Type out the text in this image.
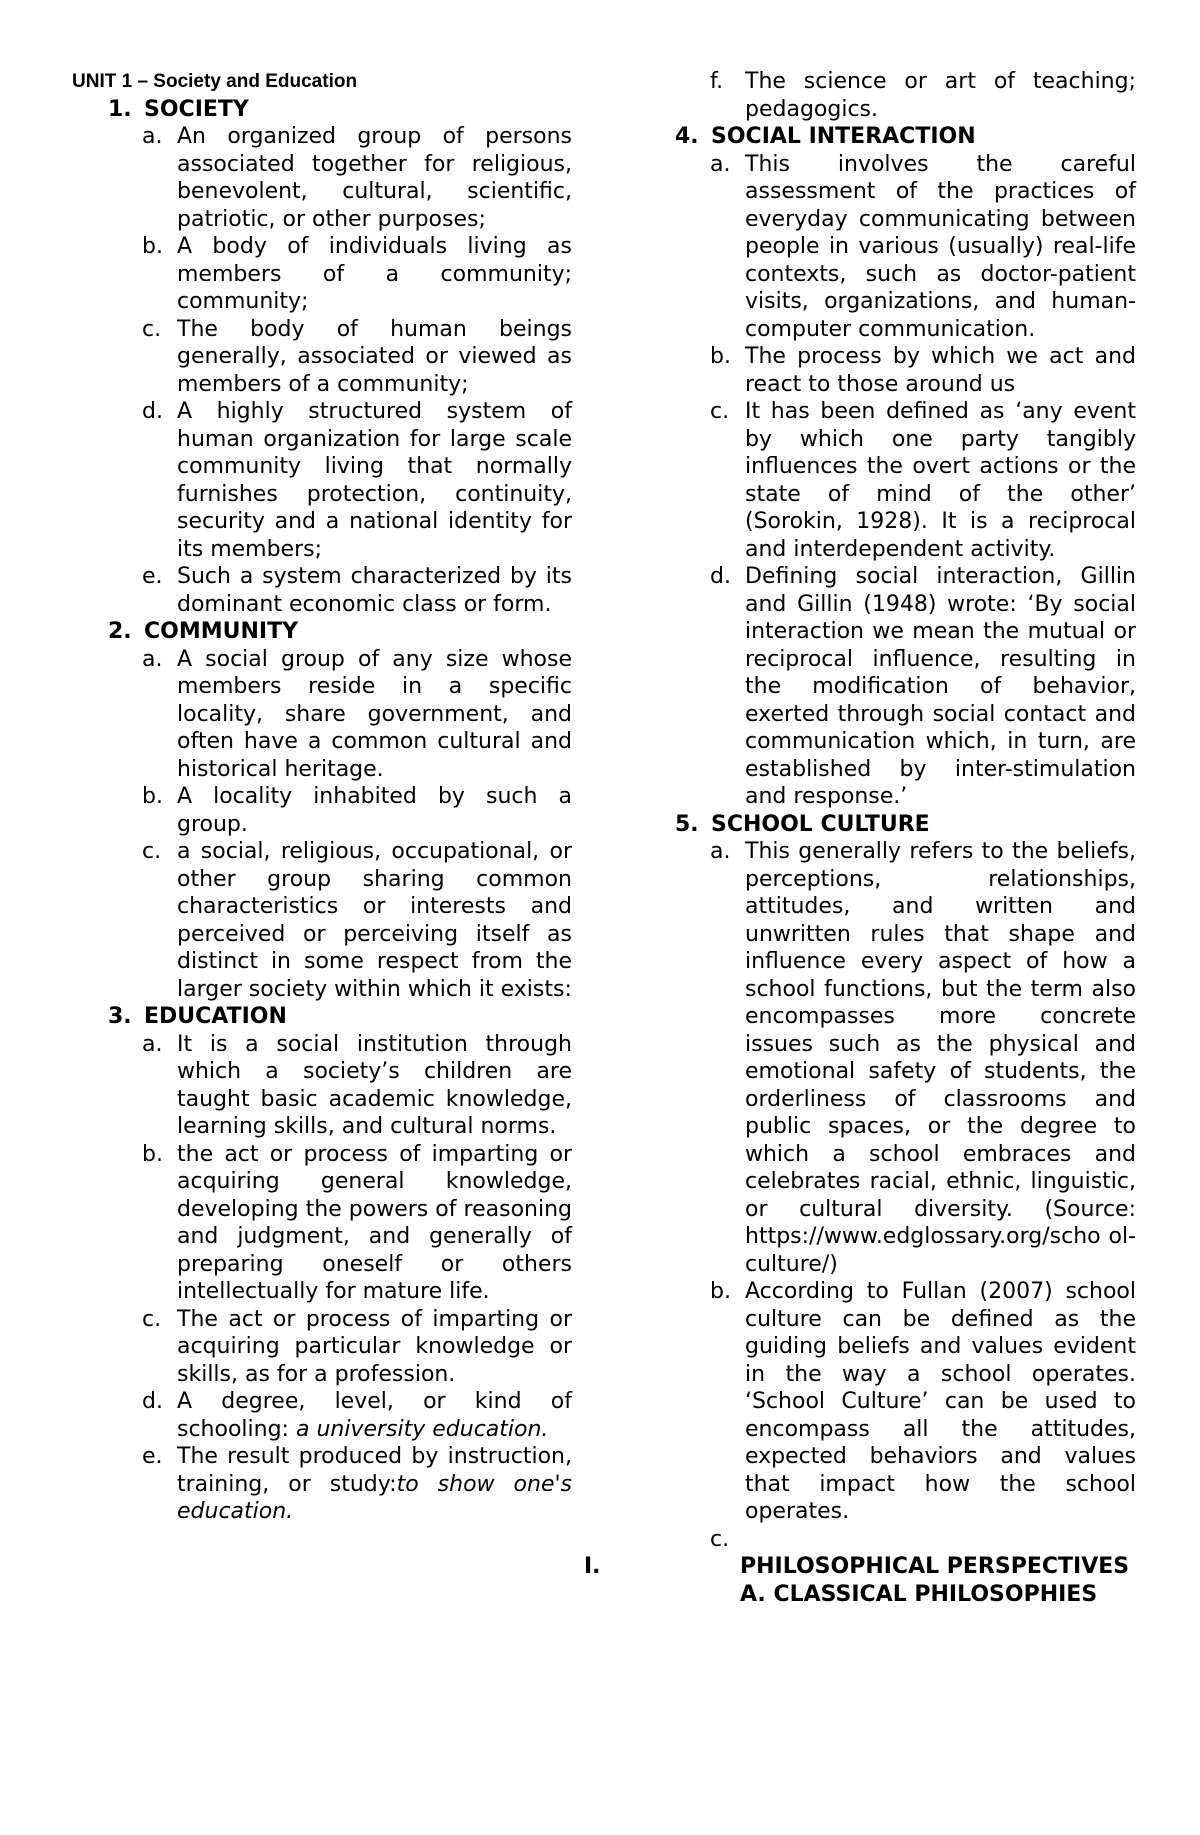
UNIT 1 – Society and Education
1. SOCIETY
a. An organized group of persons associated together for religious, benevolent, cultural, scientific, patriotic, or other purposes;
b. A body of individuals living as members of a community; community;
c. The body of human beings generally, associated or viewed as members of a community;
d. A highly structured system of human organization for large scale community living that normally furnishes protection, continuity, security and a national identity for its members;
e. Such a system characterized by its dominant economic class or form.
2. COMMUNITY
a. A social group of any size whose members reside in a specific locality, share government, and often have a common cultural and historical heritage.
b. A locality inhabited by such a group.
c. a social, religious, occupational, or other group sharing common characteristics or interests and perceived or perceiving itself as distinct in some respect from the larger society within which it exists:
3. EDUCATION
a. It is a social institution through which a society’s children are taught basic academic knowledge, learning skills, and cultural norms.
b. the act or process of imparting or acquiring general knowledge, developing the powers of reasoning and judgment, and generally of preparing oneself or others intellectually for mature life.
c. The act or process of imparting or acquiring particular knowledge or skills, as for a profession.
d. A degree, level, or kind of schooling: a university education.
e. The result produced by instruction, training, or study:to show one's education.
f. The science or art of teaching; pedagogics.
4. SOCIAL INTERACTION
a. This involves the careful assessment of the practices of everyday communicating between people in various (usually) real-life contexts, such as doctor-patient visits, organizations, and human-computer communication.
b. The process by which we act and react to those around us
c. It has been defined as ‘any event by which one party tangibly influences the overt actions or the state of mind of the other’ (Sorokin, 1928). It is a reciprocal and interdependent activity.
d. Defining social interaction, Gillin and Gillin (1948) wrote: ‘By social interaction we mean the mutual or reciprocal influence, resulting in the modification of behavior, exerted through social contact and communication which, in turn, are established by inter-stimulation and response.’
5. SCHOOL CULTURE
a. This generally refers to the beliefs, perceptions, relationships, attitudes, and written and unwritten rules that shape and influence every aspect of how a school functions, but the term also encompasses more concrete issues such as the physical and emotional safety of students, the orderliness of classrooms and public spaces, or the degree to which a school embraces and celebrates racial, ethnic, linguistic, or cultural diversity. (Source: https://www.edglossary.org/scho ol-culture/)
b. According to Fullan (2007) school culture can be defined as the guiding beliefs and values evident in the way a school operates. ‘School Culture’ can be used to encompass all the attitudes, expected behaviors and values that impact how the school operates.
c.
I.	PHILOSOPHICAL PERSPECTIVES
A. CLASSICAL PHILOSOPHIES
